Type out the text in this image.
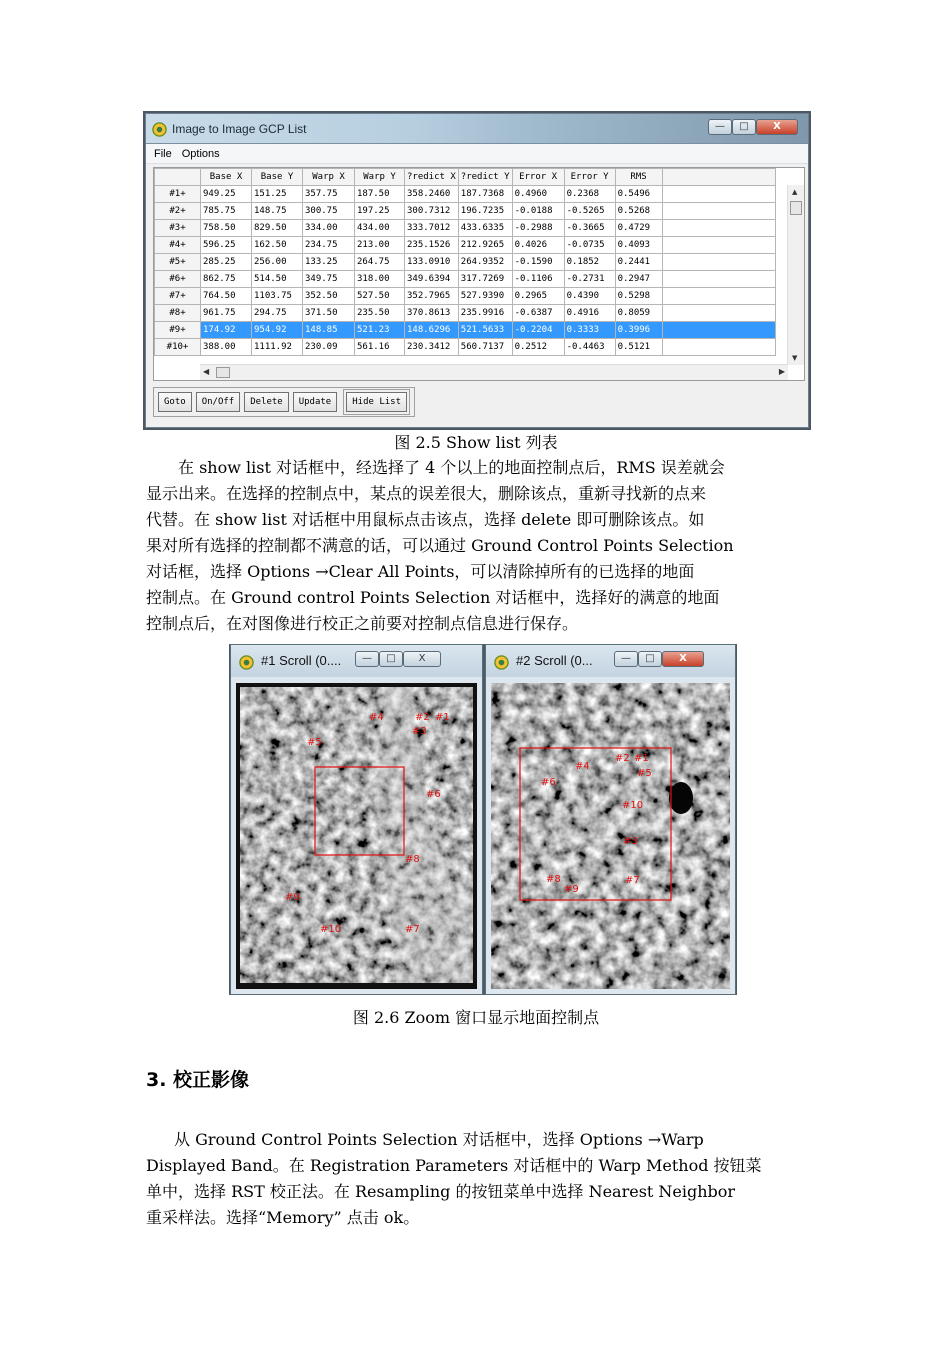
Image to Image GCP List	—	□	X
File Options
	Base X	Base Y	Warp X	Warp Y	?redict X	?redict Y	Error X	Error Y	RMS	
#1+	949.25	151.25	357.75	187.50	358.2460	187.7368	0.4960	0.2368	0.5496	
#2+	785.75	148.75	300.75	197.25	300.7312	196.7235	-0.0188	-0.5265	0.5268	
#3+	758.50	829.50	334.00	434.00	333.7012	433.6335	-0.2988	-0.3665	0.4729	
#4+	596.25	162.50	234.75	213.00	235.1526	212.9265	0.4026	-0.0735	0.4093	
#5+	285.25	256.00	133.25	264.75	133.0910	264.9352	-0.1590	0.1852	0.2441	
#6+	862.75	514.50	349.75	318.00	349.6394	317.7269	-0.1106	-0.2731	0.2947	
#7+	764.50	1103.75	352.50	527.50	352.7965	527.9390	0.2965	0.4390	0.5298	
#8+	961.75	294.75	371.50	235.50	370.8613	235.9916	-0.6387	0.4916	0.8059	
#9+	174.92	954.92	148.85	521.23	148.6296	521.5633	-0.2204	0.3333	0.3996	
#10+	388.00	1111.92	230.09	561.16	230.3412	560.7137	0.2512	-0.4463	0.5121	
▲
▼
◀	▶
Goto	On/Off	Delete	Update	Hide List
图 2.5 Show list 列表
在 show list 对话框中，经选择了 4 个以上的地面控制点后，RMS 误差就会
显示出来。在选择的控制点中，某点的误差很大，删除该点，重新寻找新的点来
代替。在 show list 对话框中用鼠标点击该点，选择 delete 即可删除该点。如
果对所有选择的控制都不满意的话，可以通过 Ground Control Points Selection
对话框，选择 Options →Clear All Points，可以清除掉所有的已选择的地面
控制点。在 Ground control Points Selection 对话框中，选择好的满意的地面
控制点后，在对图像进行校正之前要对控制点信息进行保存。
#1 Scroll (0....	—	□	X
#1
#2
#4
#3
#5
#6
#8
#9
#10	#7
#2 Scroll (0...	—	□	X
#4
#2 #1
#5
#6
#10
#3
#8
#9
#7
图 2.6 Zoom 窗口显示地面控制点
3. 校正影像
从 Ground Control Points Selection 对话框中，选择 Options →Warp
Displayed Band。在 Registration Parameters 对话框中的 Warp Method 按钮菜
单中，选择 RST 校正法。在 Resampling 的按钮菜单中选择 Nearest Neighbor
重采样法。选择“Memory” 点击 ok。
